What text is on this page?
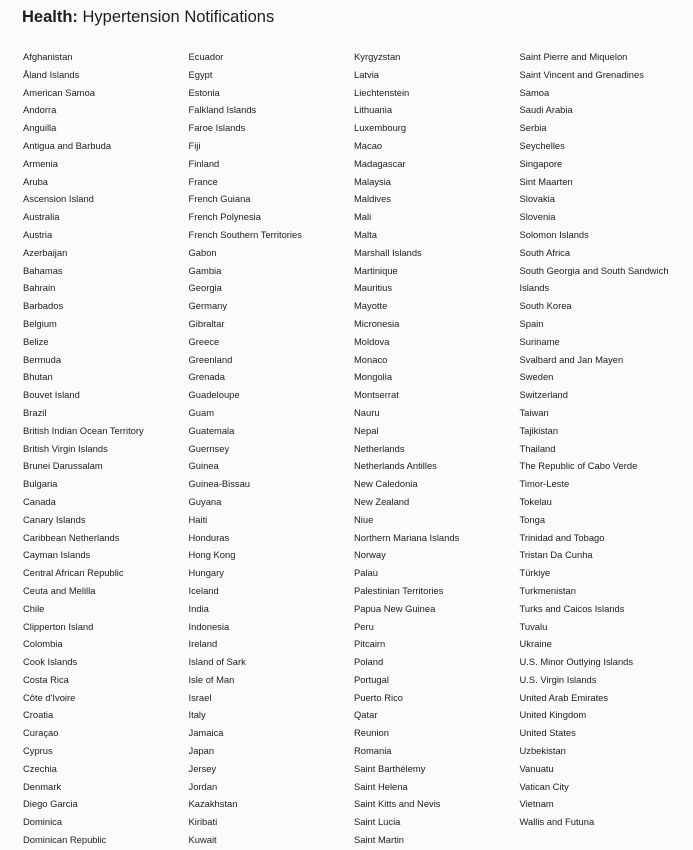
Health: Hypertension Notifications
Afghanistan
Åland Islands
American Samoa
Andorra
Anguilla
Antigua and Barbuda
Armenia
Aruba
Ascension Island
Australia
Austria
Azerbaijan
Bahamas
Bahrain
Barbados
Belgium
Belize
Bermuda
Bhutan
Bouvet Island
Brazil
British Indian Ocean Territory
British Virgin Islands
Brunei Darussalam
Bulgaria
Canada
Canary Islands
Caribbean Netherlands
Cayman Islands
Central African Republic
Ceuta and Melilla
Chile
Clipperton Island
Colombia
Cook Islands
Costa Rica
Côte d'Ivoire
Croatia
Curaçao
Cyprus
Czechia
Denmark
Diego Garcia
Dominica
Dominican Republic
Ecuador
Egypt
Estonia
Falkland Islands
Faroe Islands
Fiji
Finland
France
French Guiana
French Polynesia
French Southern Territories
Gabon
Gambia
Georgia
Germany
Gibraltar
Greece
Greenland
Grenada
Guadeloupe
Guam
Guatemala
Guernsey
Guinea
Guinea-Bissau
Guyana
Haiti
Honduras
Hong Kong
Hungary
Iceland
India
Indonesia
Ireland
Island of Sark
Isle of Man
Israel
Italy
Jamaica
Japan
Jersey
Jordan
Kazakhstan
Kiribati
Kuwait
Kyrgyzstan
Latvia
Liechtenstein
Lithuania
Luxembourg
Macao
Madagascar
Malaysia
Maldives
Mali
Malta
Marshall Islands
Martinique
Mauritius
Mayotte
Micronesia
Moldova
Monaco
Mongolia
Montserrat
Nauru
Nepal
Netherlands
Netherlands Antilles
New Caledonia
New Zealand
Niue
Northern Mariana Islands
Norway
Palau
Palestinian Territories
Papua New Guinea
Peru
Pitcairn
Poland
Portugal
Puerto Rico
Qatar
Reunion
Romania
Saint Barthélemy
Saint Helena
Saint Kitts and Nevis
Saint Lucia
Saint Martin
Saint Pierre and Miquelon
Saint Vincent and Grenadines
Samoa
Saudi Arabia
Serbia
Seychelles
Singapore
Sint Maarten
Slovakia
Slovenia
Solomon Islands
South Africa
South Georgia and South Sandwich
Islands
South Korea
Spain
Suriname
Svalbard and Jan Mayen
Sweden
Switzerland
Taiwan
Tajikistan
Thailand
The Republic of Cabo Verde
Timor-Leste
Tokelau
Tonga
Trinidad and Tobago
Tristan Da Cunha
Türkiye
Turkmenistan
Turks and Caicos Islands
Tuvalu
Ukraine
U.S. Minor Outlying Islands
U.S. Virgin Islands
United Arab Emirates
United Kingdom
United States
Uzbekistan
Vanuatu
Vatican City
Vietnam
Wallis and Futuna
